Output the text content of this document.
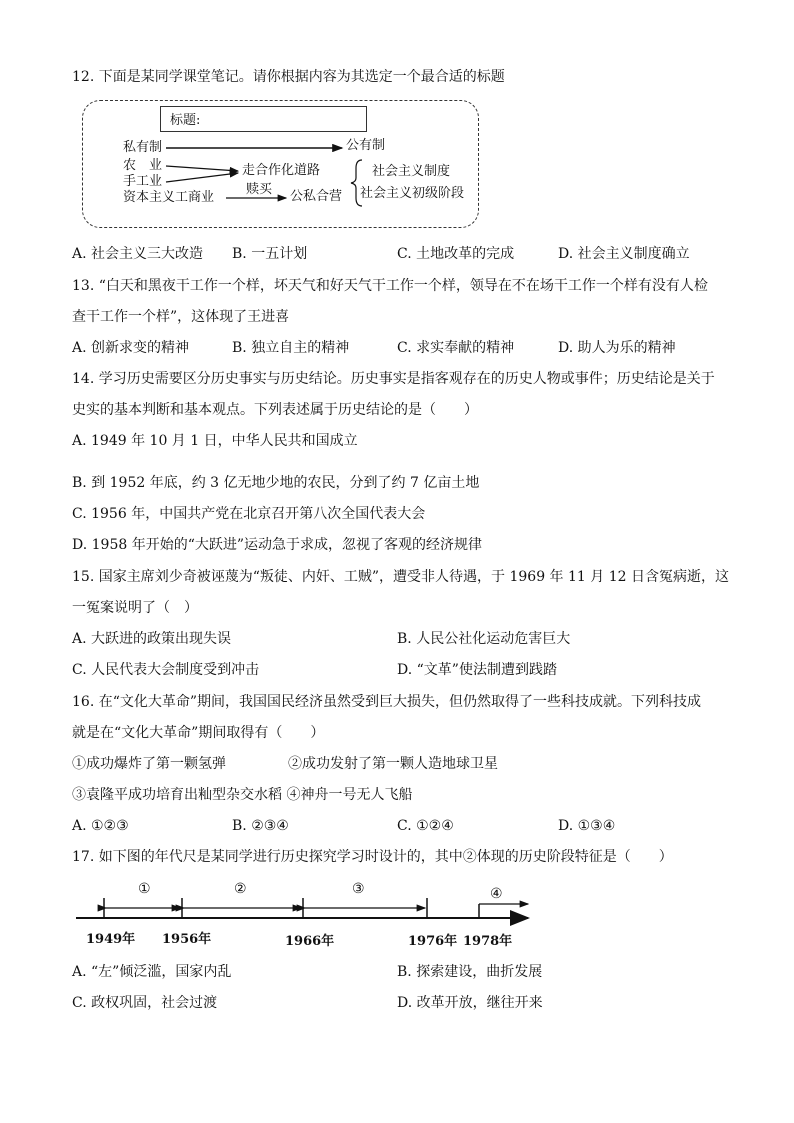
12. 下面是某同学课堂笔记。请你根据内容为其选定一个最合适的标题
标题:
私有制	公有制
农　业
手工业
资本主义工商业
走合作化道路
赎买 公私合营
社会主义制度
社会主义初级阶段
A. 社会主义三大改造 B. 一五计划	C. 土地改革的完成	D. 社会主义制度确立
13. “白天和黑夜干工作一个样，坏天气和好天气干工作一个样，领导在不在场干工作一个样有没有人检
查干工作一个样”，这体现了王进喜
A. 创新求变的精神	B. 独立自主的精神	C. 求实奉献的精神	D. 助人为乐的精神
14. 学习历史需要区分历史事实与历史结论。历史事实是指客观存在的历史人物或事件；历史结论是关于
史实的基本判断和基本观点。下列表述属于历史结论的是（　　）
A. 1949 年 10 月 1 日，中华人民共和国成立
B. 到 1952 年底，约 3 亿无地少地的农民，分到了约 7 亿亩土地
C. 1956 年，中国共产党在北京召开第八次全国代表大会
D. 1958 年开始的“大跃进”运动急于求成，忽视了客观的经济规律
15. 国家主席刘少奇被诬蔑为“叛徒、内奸、工贼”，遭受非人待遇，于 1969 年 11 月 12 日含冤病逝，这
一冤案说明了（　）
A. 大跃进的政策出现失误	B. 人民公社化运动危害巨大
C. 人民代表大会制度受到冲击	D. “文革”使法制遭到践踏
16. 在“文化大革命”期间，我国国民经济虽然受到巨大损失，但仍然取得了一些科技成就。下列科技成
就是在“文化大革命”期间取得有（　　）
①成功爆炸了第一颗氢弹	②成功发射了第一颗人造地球卫星
③袁隆平成功培育出籼型杂交水稻 ④神舟一号无人飞船
A. ①②③	B. ②③④	C. ①②④	D. ①③④
17. 如下图的年代尺是某同学进行历史探究学习时设计的，其中②体现的历史阶段特征是（　　）
①	②	③	④
1949年 1956年	1966年	1976年 1978年
A. “左”倾泛滥，国家内乱	B. 探索建设，曲折发展
C. 政权巩固，社会过渡	D. 改革开放，继往开来
